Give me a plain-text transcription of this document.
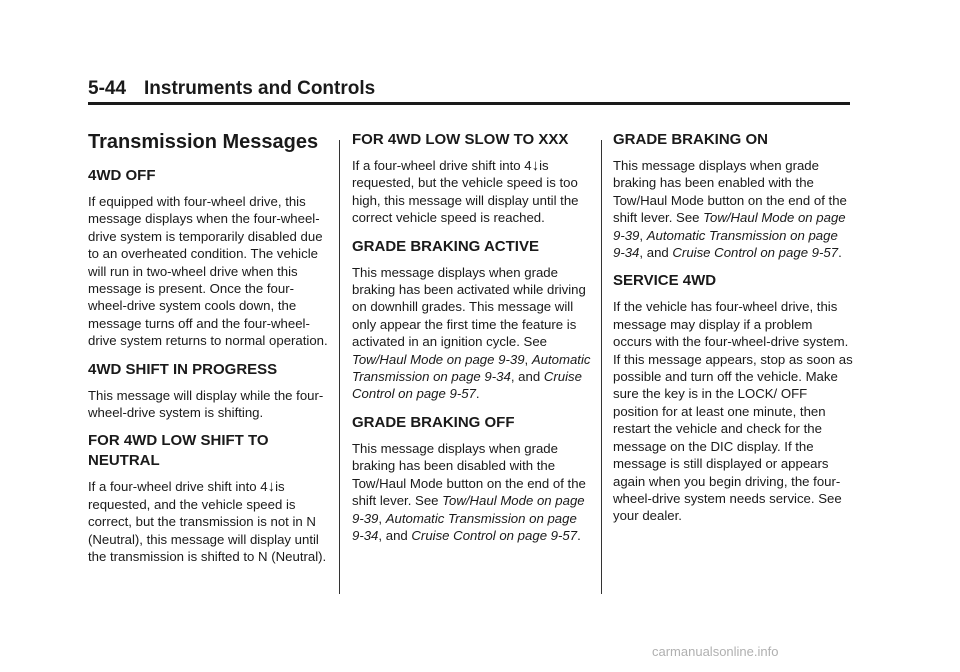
5-44 Instruments and Controls
Transmission Messages
4WD OFF

If equipped with four-wheel drive, this message displays when the four-wheel-drive system is temporarily disabled due to an overheated condition. The vehicle will run in two-wheel drive when this message is present. Once the four-wheel-drive system cools down, the message turns off and the four-wheel-drive system returns to normal operation.

4WD SHIFT IN PROGRESS

This message will display while the four-wheel-drive system is shifting.

FOR 4WD LOW SHIFT TO NEUTRAL

If a four-wheel drive shift into 4↓is
requested, and the vehicle speed is correct, but the transmission is not in N (Neutral), this message will display until the transmission is shifted to N (Neutral).

FOR 4WD LOW SLOW TO XXX

If a four-wheel drive shift into 4↓is
requested, but the vehicle speed is too high, this message will display until the correct vehicle speed is reached.

GRADE BRAKING ACTIVE

This message displays when grade braking has been activated while driving on downhill grades. This message will only appear the first time the feature is activated in an ignition cycle. See Tow/Haul Mode on page 9-39, Automatic Transmission on page 9-34, and Cruise Control on page 9-57.

GRADE BRAKING OFF

This message displays when grade braking has been disabled with the Tow/Haul Mode button on the end of the shift lever. See Tow/Haul Mode on page 9-39, Automatic Transmission on page 9-34, and Cruise Control on page 9-57.

GRADE BRAKING ON

This message displays when grade braking has been enabled with the Tow/Haul Mode button on the end of the shift lever. See Tow/Haul Mode on page 9-39, Automatic Transmission on page 9-34, and Cruise Control on page 9-57.

SERVICE 4WD

If the vehicle has four-wheel drive, this message may display if a problem occurs with the four-wheel-drive system. If this message appears, stop as soon as possible and turn off the vehicle. Make sure the key is in the LOCK/ OFF position for at least one minute, then restart the vehicle and check for the message on the DIC display. If the message is still displayed or appears again when you begin driving, the four-wheel-drive system needs service. See your dealer.

carmanualsonline.info
